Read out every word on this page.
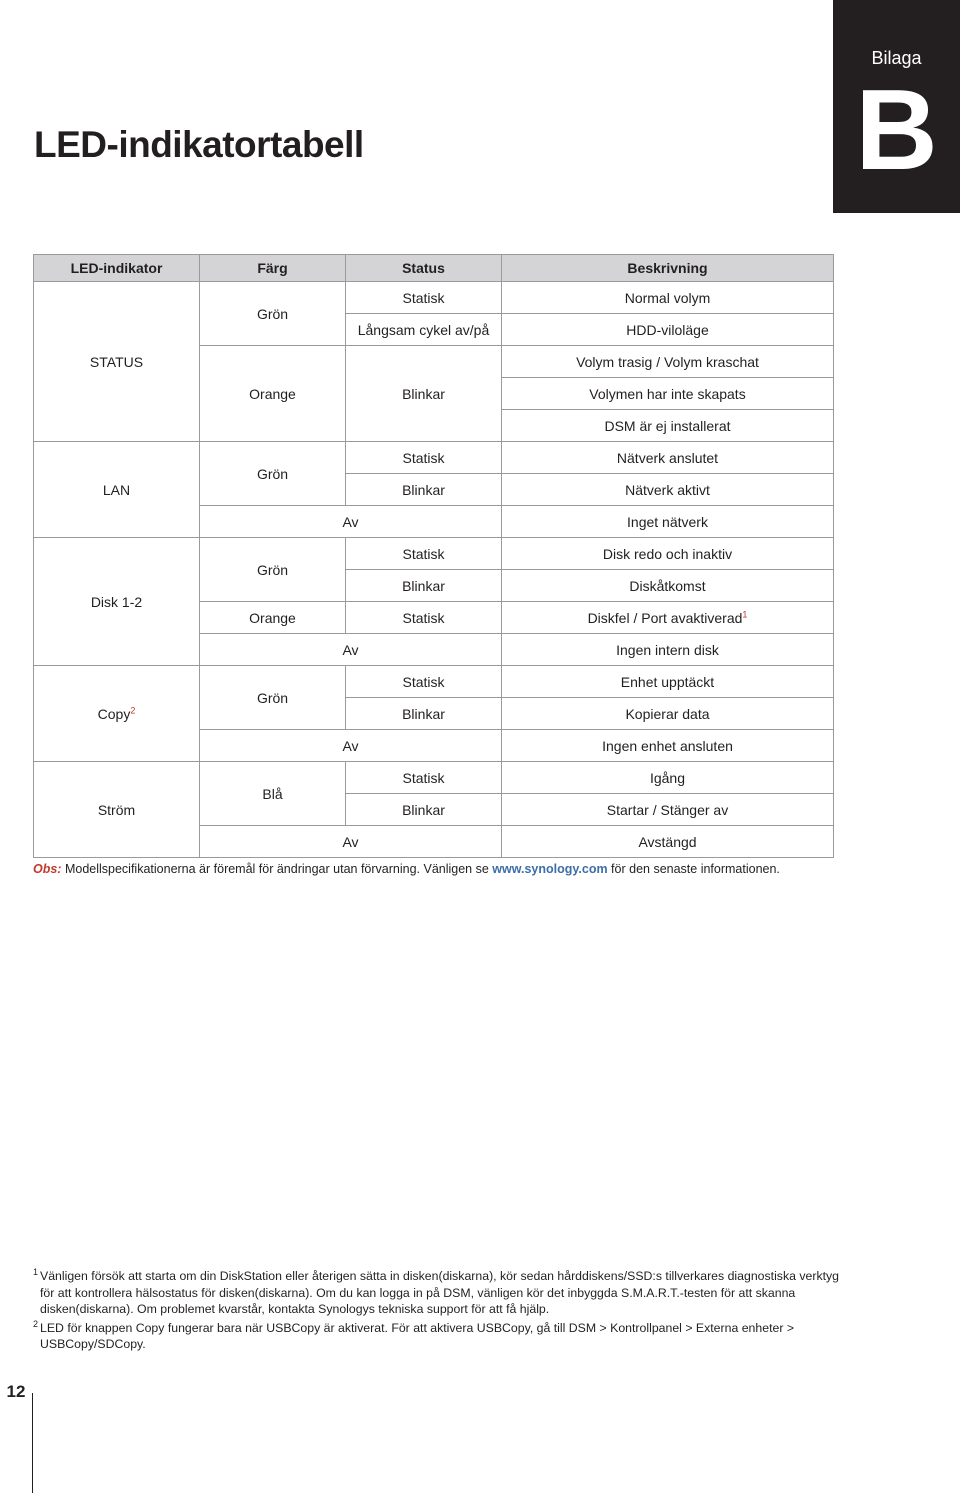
Bilaga
B
LED-indikatortabell
LED-indikator	Färg	Status	Beskrivning
STATUS	Grön	Statisk	Normal volym
		Långsam cykel av/på	HDD-viloläge
	Orange	Blinkar	Volym trasig / Volym kraschat
			Volymen har inte skapats
			DSM är ej installerat
LAN	Grön	Statisk	Nätverk anslutet
		Blinkar	Nätverk aktivt
	Av		Inget nätverk
Disk 1-2	Grön	Statisk	Disk redo och inaktiv
		Blinkar	Diskåtkomst
	Orange	Statisk	Diskfel / Port avaktiverad$^1$
	Av		Ingen intern disk
Copy$^2$	Grön	Statisk	Enhet upptäckt
		Blinkar	Kopierar data
	Av		Ingen enhet ansluten
Ström	Blå	Statisk	Igång
		Blinkar	Startar / Stänger av
	Av		Avstängd
Obs: Modellspecifikationerna är föremål för ändringar utan förvarning. Vänligen se www.synology.com för den senaste informationen.
1 Vänligen försök att starta om din DiskStation eller återigen sätta in disken(diskarna), kör sedan hårddiskens/SSD:s tillverkares diagnostiska verktyg för att kontrollera hälsostatus för disken(diskarna). Om du kan logga in på DSM, vänligen kör det inbyggda S.M.A.R.T.-testen för att skanna disken(diskarna). Om problemet kvarstår, kontakta Synologys tekniska support för att få hjälp.
2 LED för knappen Copy fungerar bara när USBCopy är aktiverat. För att aktivera USBCopy, gå till DSM > Kontrollpanel > Externa enheter > USBCopy/SDCopy.
12
